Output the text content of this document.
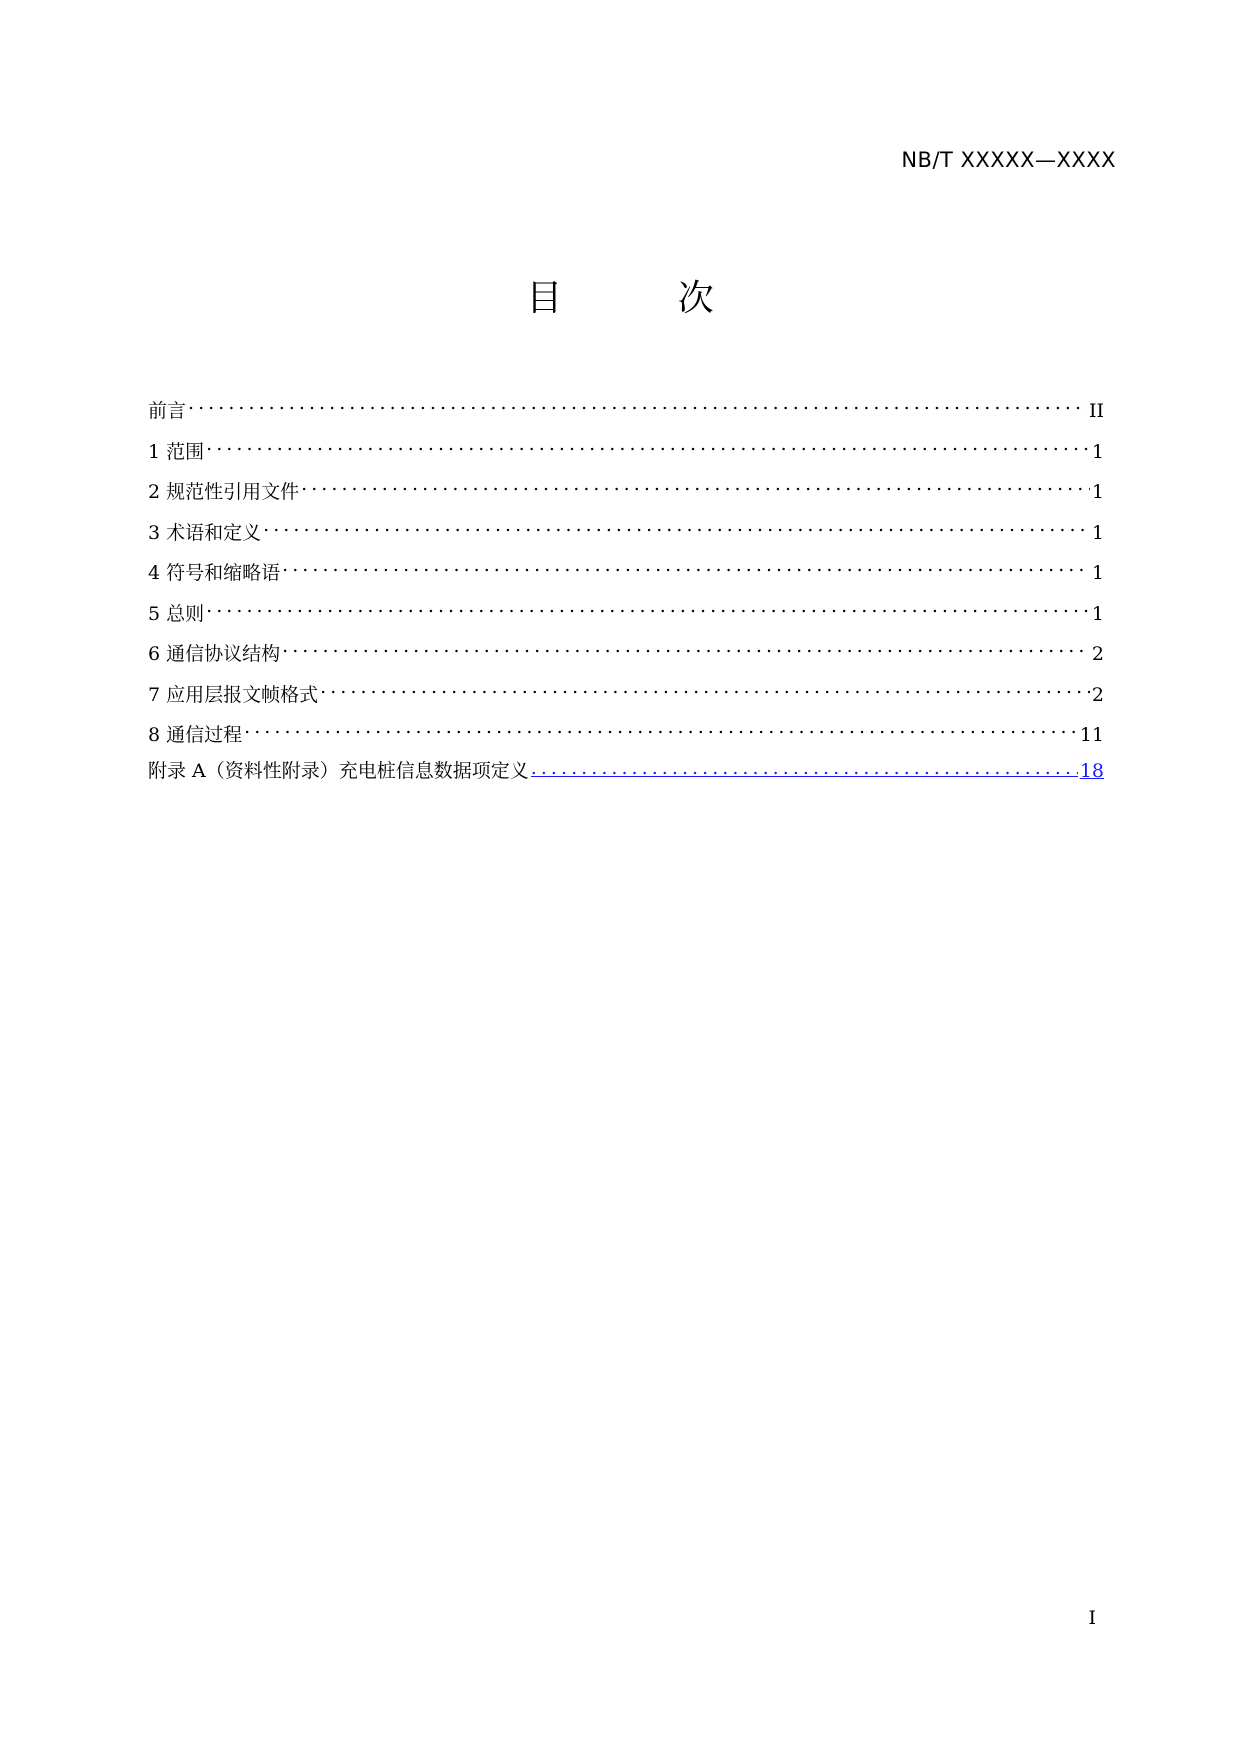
NB/T XXXXX—XXXX
目 次
前言 . . .	II
1 范围 . . .	1
2 规范性引用文件 . . .	1
3 术语和定义 . . .	1
4 符号和缩略语 . . .	1
5 总则 . . .	1
6 通信协议结构 . . .	2
7 应用层报文帧格式 . . .	2
8 通信过程 . . .	11
附录 A（资料性附录）充电桩信息数据项定义 . . .	18
I
